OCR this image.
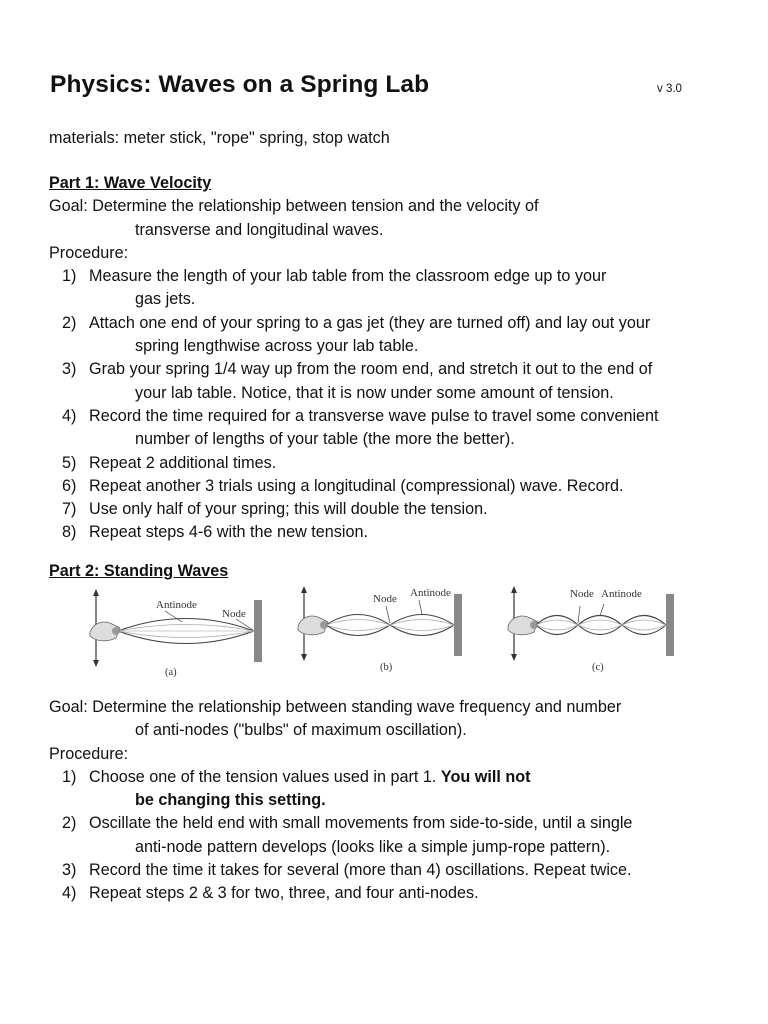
Physics: Waves on a Spring Lab	v 3.0
materials: meter stick, "rope" spring, stop watch
Part 1: Wave Velocity
Goal: Determine the relationship between tension and the velocity of
transverse and longitudinal waves.
Procedure:
1) Measure the length of your lab table from the classroom edge up to your
gas jets.
2) Attach one end of your spring to a gas jet (they are turned off) and lay out your
spring lengthwise across your lab table.
3) Grab your spring 1/4 way up from the room end, and stretch it out to the end of
your lab table. Notice, that it is now under some amount of tension.
4) Record the time required for a transverse wave pulse to travel some convenient
number of lengths of your table (the more the better).
5) Repeat 2 additional times.
6) Repeat another 3 trials using a longitudinal (compressional) wave. Record.
7) Use only half of your spring; this will double the tension.
8) Repeat steps 4-6 with the new tension.
Part 2: Standing Waves
Antinode
Node
(a)
Node Antinode
(b)
Node Antinode
(c)
Goal: Determine the relationship between standing wave frequency and number
of anti-nodes ("bulbs" of maximum oscillation).
Procedure:
1) Choose one of the tension values used in part 1. You will not
be changing this setting.
2) Oscillate the held end with small movements from side-to-side, until a single
anti-node pattern develops (looks like a simple jump-rope pattern).
3) Record the time it takes for several (more than 4) oscillations. Repeat twice.
4) Repeat steps 2 & 3 for two, three, and four anti-nodes.
